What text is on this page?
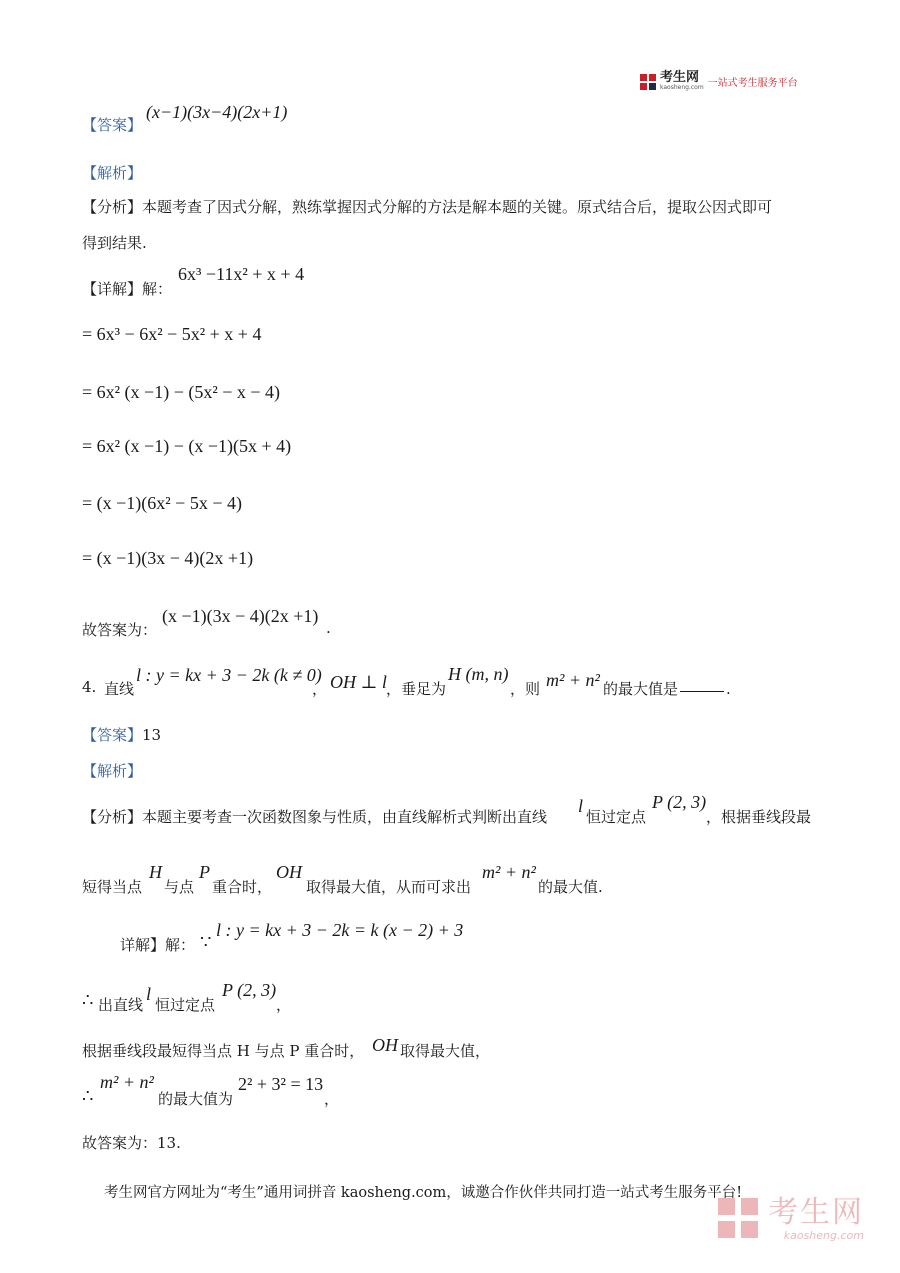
考生网
kaosheng.com 一站式考生服务平台
【答案】
(x−1)(3x−4)(2x+1)
【解析】
【分析】本题考查了因式分解，熟练掌握因式分解的方法是解本题的关键。原式结合后，提取公因式即可
得到结果.
【详解】解：
6x³ −11x² + x + 4
= 6x³ − 6x² − 5x² + x + 4
= 6x² (x −1) − (5x² − x − 4)
= 6x² (x −1) − (x −1)(5x + 4)
= (x −1)(6x² − 5x − 4)
= (x −1)(3x − 4)(2x +1)
故答案为：
(x −1)(3x − 4)(2x +1)
.
4. 直线
l : y = kx + 3 − 2k (k ≠ 0)
， OH ⊥ l ，垂足为
H (m, n)
，则 m² + n² 的最大值是	.
【答案】13
【解析】
【分析】本题主要考查一次函数图象与性质，由直线解析式判断出直线
l
恒过定点
P (2, 3)
，根据垂线段最
短得当点
H
与点
P
重合时，
OH
取得最大值，从而可求出
m² + n²
的最大值.
详解】解： ∵
l : y = kx + 3 − 2k = k (x − 2) + 3
∴ 出直线
l
恒过定点
P (2, 3)
，
根据垂线段最短得当点 H 与点 P 重合时， OH 取得最大值，
∴
m² + n²
的最大值为
2² + 3² = 13
，
故答案为：13.
考生网官方网址为“考生”通用词拼音 kaosheng.com，诚邀合作伙伴共同打造一站式考生服务平台!
考生网
kaosheng.com
